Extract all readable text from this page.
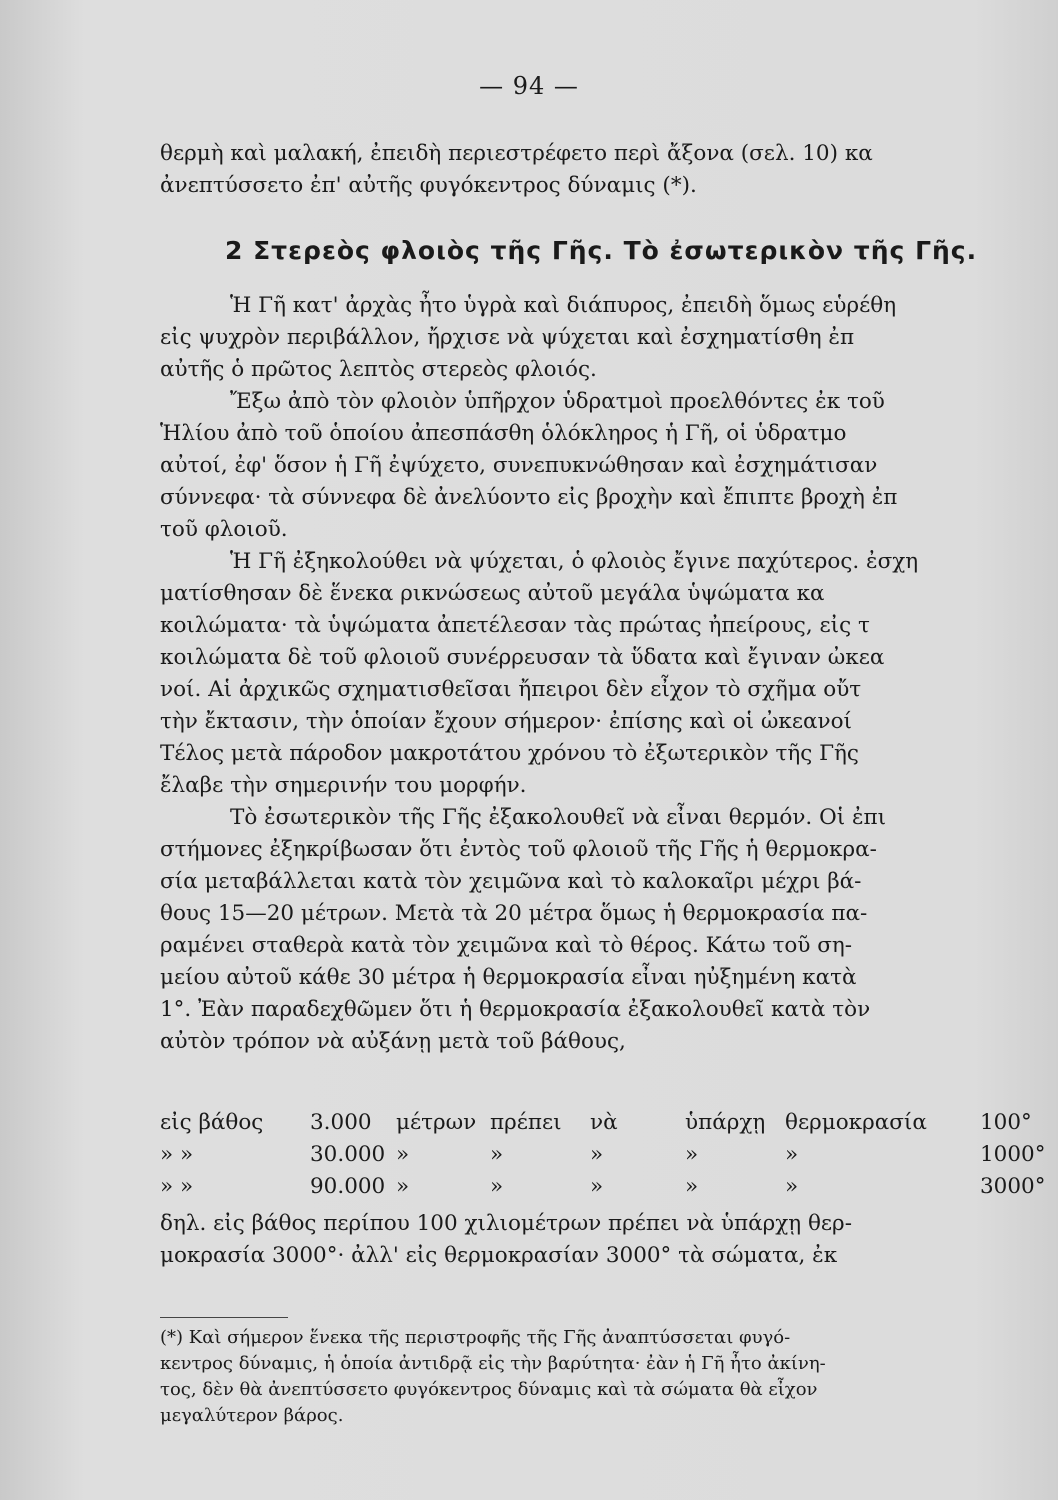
— 94 —
θερμὴ καὶ μαλακή, ἐπειδὴ περιεστρέφετο περὶ ἄξονα (σελ. 10) κα
ἀνεπτύσσετο ἐπ' αὐτῆς φυγόκεντρος δύναμις (*).
2 Στερεὸς φλοιὸς τῆς Γῆς. Τὸ ἐσωτερικὸν τῆς Γῆς.
Ἡ Γῆ κατ' ἀρχὰς ἦτο ὑγρὰ καὶ διάπυρος, ἐπειδὴ ὅμως εὑρέθη
εἰς ψυχρὸν περιβάλλον, ἤρχισε νὰ ψύχεται καὶ ἐσχηματίσθη ἐπ
αὐτῆς ὁ πρῶτος λεπτὸς στερεὸς φλοιός.
Ἔξω ἀπὸ τὸν φλοιὸν ὑπῆρχον ὑδρατμοὶ προελθόντες ἐκ τοῦ
Ἡλίου ἀπὸ τοῦ ὁποίου ἀπεσπάσθη ὁλόκληρος ἡ Γῆ, οἱ ὑδρατμο
αὐτοί, ἐφ' ὅσον ἡ Γῆ ἐψύχετο, συνεπυκνώθησαν καὶ ἐσχημάτισαν
σύννεφα· τὰ σύννεφα δὲ ἀνελύοντο εἰς βροχὴν καὶ ἔπιπτε βροχὴ ἐπ
τοῦ φλοιοῦ.
Ἡ Γῆ ἐξηκολούθει νὰ ψύχεται, ὁ φλοιὸς ἔγινε παχύτερος. ἐσχη
ματίσθησαν δὲ ἕνεκα ρικνώσεως αὐτοῦ μεγάλα ὑψώματα κα
κοιλώματα· τὰ ὑψώματα ἀπετέλεσαν τὰς πρώτας ἠπείρους, εἰς τ
κοιλώματα δὲ τοῦ φλοιοῦ συνέρρευσαν τὰ ὕδατα καὶ ἔγιναν ὠκεα
νοί. Αἱ ἀρχικῶς σχηματισθεῖσαι ἤπειροι δὲν εἶχον τὸ σχῆμα οὔτ
τὴν ἔκτασιν, τὴν ὁποίαν ἔχουν σήμερον· ἐπίσης καὶ οἱ ὠκεανοί
Τέλος μετὰ πάροδον μακροτάτου χρόνου τὸ ἐξωτερικὸν τῆς Γῆς
ἔλαβε τὴν σημερινήν του μορφήν.
Τὸ ἐσωτερικὸν τῆς Γῆς ἐξακολουθεῖ νὰ εἶναι θερμόν. Οἱ ἐπι
στήμονες ἐξηκρίβωσαν ὅτι ἐντὸς τοῦ φλοιοῦ τῆς Γῆς ἡ θερμοκρα-
σία μεταβάλλεται κατὰ τὸν χειμῶνα καὶ τὸ καλοκαῖρι μέχρι βά-
θους 15—20 μέτρων. Μετὰ τὰ 20 μέτρα ὅμως ἡ θερμοκρασία πα-
ραμένει σταθερὰ κατὰ τὸν χειμῶνα καὶ τὸ θέρος. Κάτω τοῦ ση-
μείου αὐτοῦ κάθε 30 μέτρα ἡ θερμοκρασία εἶναι ηὐξημένη κατὰ
1°. Ἐὰν παραδεχθῶμεν ὅτι ἡ θερμοκρασία ἐξακολουθεῖ κατὰ τὸν
αὐτὸν τρόπον νὰ αὐξάνῃ μετὰ τοῦ βάθους,
εἰς βάθος 3.000 μέτρων πρέπει νὰ	ὑπάρχῃ θερμοκρασία 100°
» »	30.000 »	»	»	»	»	1000°
» »	90.000 »	»	»	»	»	3000°
δηλ. εἰς βάθος περίπου 100 χιλιομέτρων πρέπει νὰ ὑπάρχῃ θερ-
μοκρασία 3000°· ἀλλ' εἰς θερμοκρασίαν 3000° τὰ σώματα, ἐκ
(*) Καὶ σήμερον ἕνεκα τῆς περιστροφῆς τῆς Γῆς ἀναπτύσσεται φυγό-
κεντρος δύναμις, ἡ ὁποία ἀντιδρᾷ εἰς τὴν βαρύτητα· ἐὰν ἡ Γῆ ἦτο ἀκίνη-
τος, δὲν θὰ ἀνεπτύσσετο φυγόκεντρος δύναμις καὶ τὰ σώματα θὰ εἶχον
μεγαλύτερον βάρος.
